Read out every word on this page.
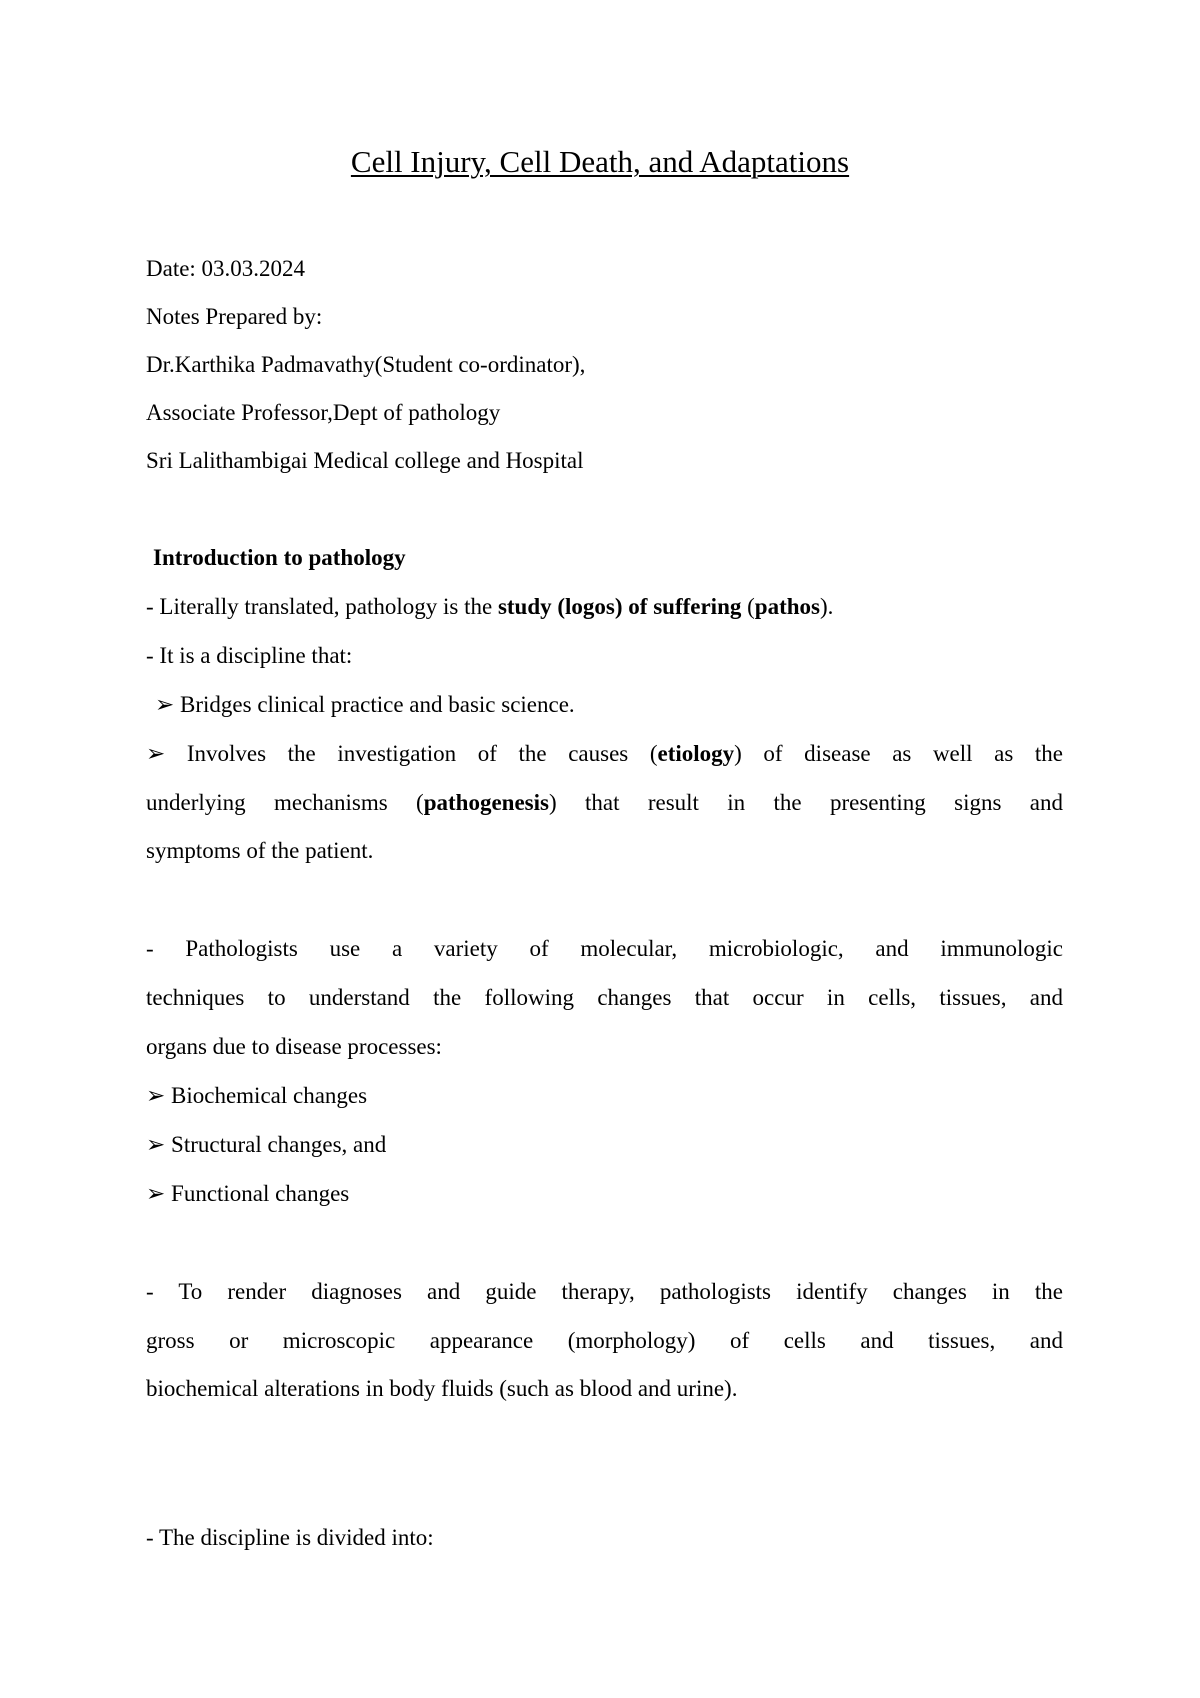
Cell Injury, Cell Death, and Adaptations
Date: 03.03.2024
Notes Prepared by:
Dr.Karthika Padmavathy(Student co-ordinator),
Associate Professor,Dept of pathology
Sri Lalithambigai Medical college and Hospital
Introduction to pathology
- Literally translated, pathology is the study (logos) of suffering (pathos).
- It is a discipline that:
➢ Bridges clinical practice and basic science.
➢ Involves the investigation of the causes (etiology) of disease as well as the
underlying mechanisms (pathogenesis) that result in the presenting signs and
symptoms of the patient.
- Pathologists use a variety of molecular, microbiologic, and immunologic
techniques to understand the following changes that occur in cells, tissues, and
organs due to disease processes:
➢ Biochemical changes
➢ Structural changes, and
➢ Functional changes
- To render diagnoses and guide therapy, pathologists identify changes in the
gross or microscopic appearance (morphology) of cells and tissues, and
biochemical alterations in body fluids (such as blood and urine).
- The discipline is divided into:
